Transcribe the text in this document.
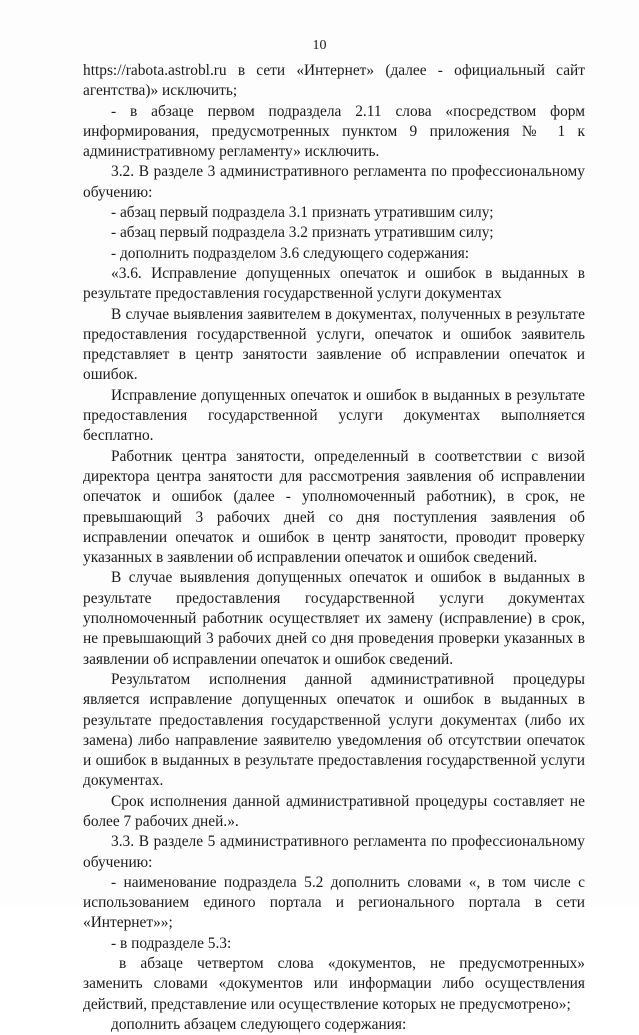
10

https://rabota.astrobl.ru в сети «Интернет» (далее - официальный сайт агентства)» исключить;

- в абзаце первом подраздела 2.11 слова «посредством форм информирования, предусмотренных пунктом 9 приложения № 1 к административному регламенту» исключить.

3.2. В разделе 3 административного регламента по профессиональному обучению:

- абзац первый подраздела 3.1 признать утратившим силу;

- абзац первый подраздела 3.2 признать утратившим силу;

- дополнить подразделом 3.6 следующего содержания:

«3.6. Исправление допущенных опечаток и ошибок в выданных в результате предоставления государственной услуги документах

В случае выявления заявителем в документах, полученных в результате предоставления государственной услуги, опечаток и ошибок заявитель представляет в центр занятости заявление об исправлении опечаток и ошибок.

Исправление допущенных опечаток и ошибок в выданных в результате предоставления государственной услуги документах выполняется бесплатно.

Работник центра занятости, определенный в соответствии с визой директора центра занятости для рассмотрения заявления об исправлении опечаток и ошибок (далее - уполномоченный работник), в срок, не превышающий 3 рабочих дней со дня поступления заявления об исправлении опечаток и ошибок в центр занятости, проводит проверку указанных в заявлении об исправлении опечаток и ошибок сведений.

В случае выявления допущенных опечаток и ошибок в выданных в результате предоставления государственной услуги документах уполномоченный работник осуществляет их замену (исправление) в срок, не превышающий 3 рабочих дней со дня проведения проверки указанных в заявлении об исправлении опечаток и ошибок сведений.

Результатом исполнения данной административной процедуры является исправление допущенных опечаток и ошибок в выданных в результате предоставления государственной услуги документах (либо их замена) либо направление заявителю уведомления об отсутствии опечаток и ошибок в выданных в результате предоставления государственной услуги документах.

Срок исполнения данной административной процедуры составляет не более 7 рабочих дней.».

3.3. В разделе 5 административного регламента по профессиональному обучению:

- наименование подраздела 5.2 дополнить словами «, в том числе с использованием единого портала и регионального портала в сети «Интернет»»;

- в подразделе 5.3:

в абзаце четвертом слова «документов, не предусмотренных» заменить словами «документов или информации либо осуществления действий, представление или осуществление которых не предусмотрено»;

дополнить абзацем следующего содержания:
